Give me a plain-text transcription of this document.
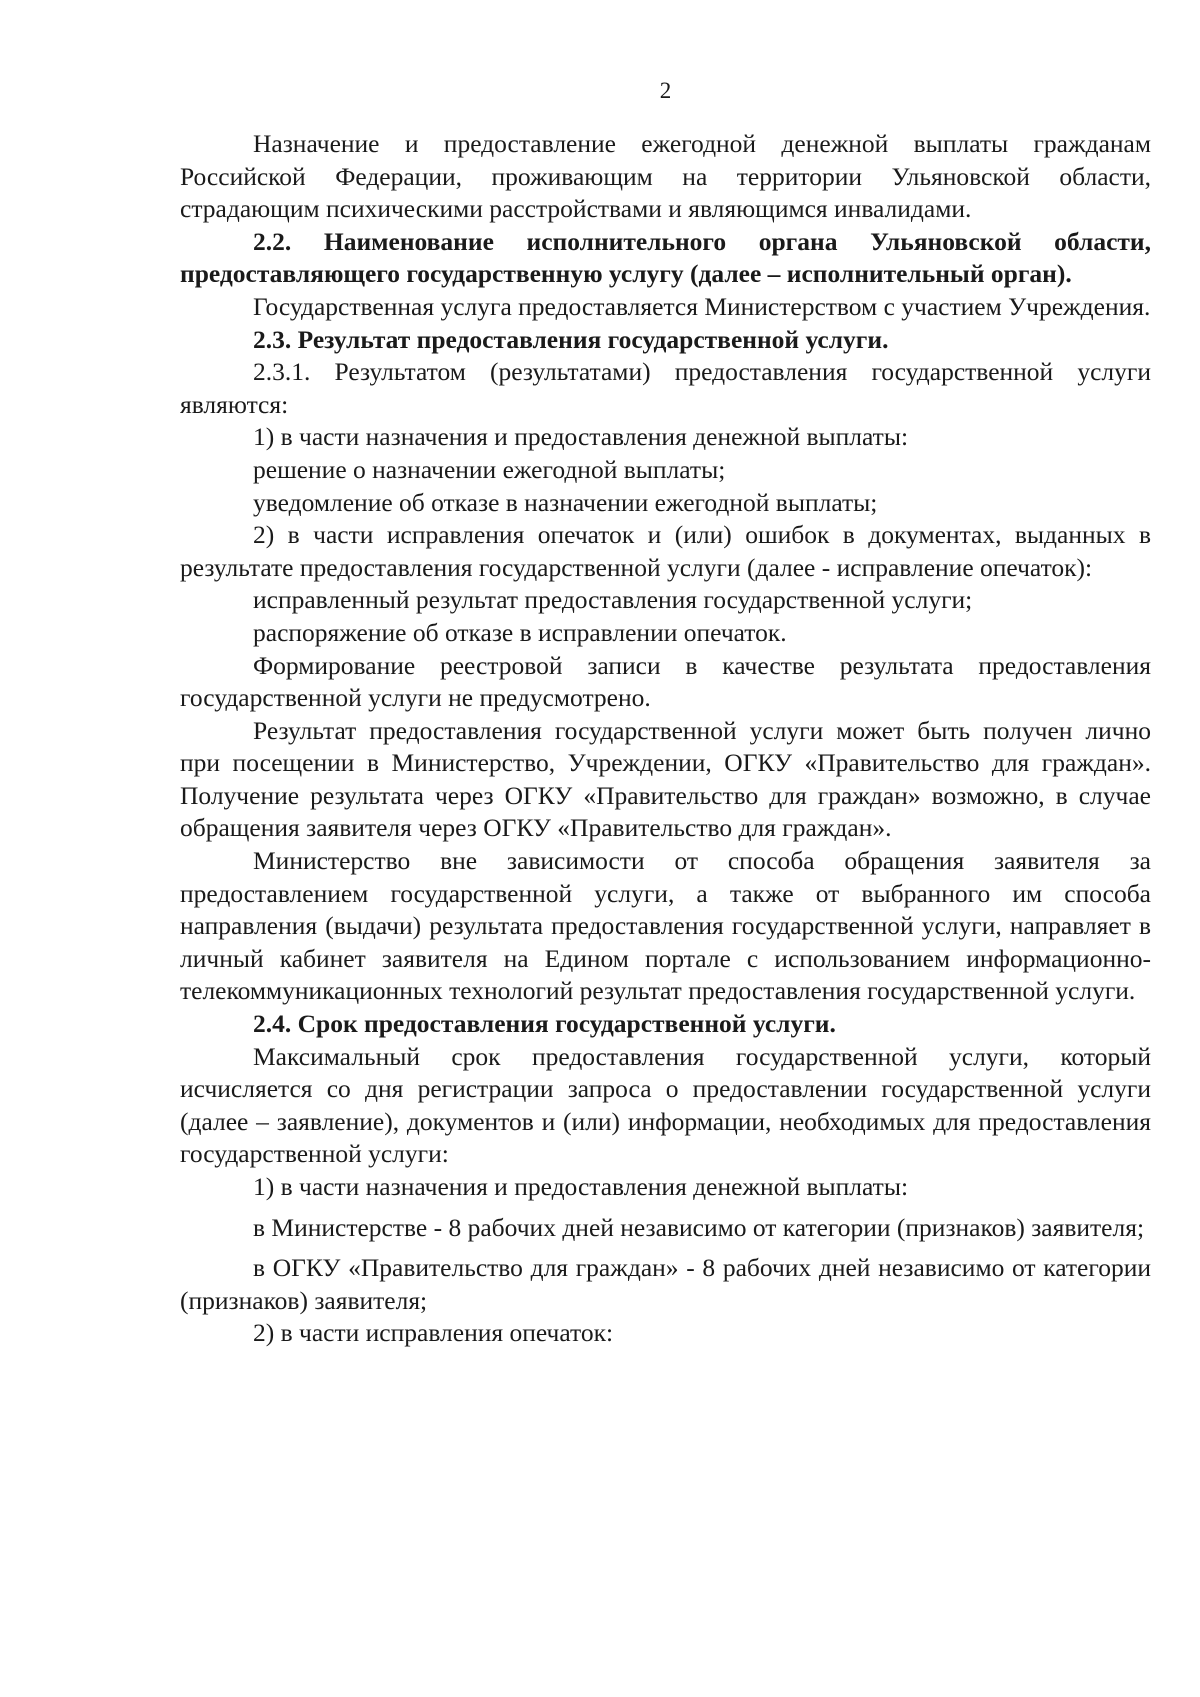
2

Назначение и предоставление ежегодной денежной выплаты гражданам Российской Федерации, проживающим на территории Ульяновской области, страдающим психическими расстройствами и являющимся инвалидами.

2.2. Наименование исполнительного органа Ульяновской области, предоставляющего государственную услугу (далее – исполнительный орган).

Государственная услуга предоставляется Министерством с участием Учреждения.

2.3. Результат предоставления государственной услуги.

2.3.1. Результатом (результатами) предоставления государственной услуги являются:

1) в части назначения и предоставления денежной выплаты:

решение о назначении ежегодной выплаты;

уведомление об отказе в назначении ежегодной выплаты;

2) в части исправления опечаток и (или) ошибок в документах, выданных в результате предоставления государственной услуги (далее - исправление опечаток):

исправленный результат предоставления государственной услуги;

распоряжение об отказе в исправлении опечаток.

Формирование реестровой записи в качестве результата предоставления государственной услуги не предусмотрено.

Результат предоставления государственной услуги может быть получен лично при посещении в Министерство, Учреждении, ОГКУ «Правительство для граждан». Получение результата через ОГКУ «Правительство для граждан» возможно, в случае обращения заявителя через ОГКУ «Правительство для граждан».

Министерство вне зависимости от способа обращения заявителя за предоставлением государственной услуги, а также от выбранного им способа направления (выдачи) результата предоставления государственной услуги, направляет в личный кабинет заявителя на Едином портале с использованием информационно-телекоммуникационных технологий результат предоставления государственной услуги.

2.4. Срок предоставления государственной услуги.

Максимальный срок предоставления государственной услуги, который исчисляется со дня регистрации запроса о предоставлении государственной услуги (далее – заявление), документов и (или) информации, необходимых для предоставления государственной услуги:

1) в части назначения и предоставления денежной выплаты:

в Министерстве - 8 рабочих дней независимо от категории (признаков) заявителя;

в ОГКУ «Правительство для граждан» - 8 рабочих дней независимо от категории (признаков) заявителя;

2) в части исправления опечаток:
